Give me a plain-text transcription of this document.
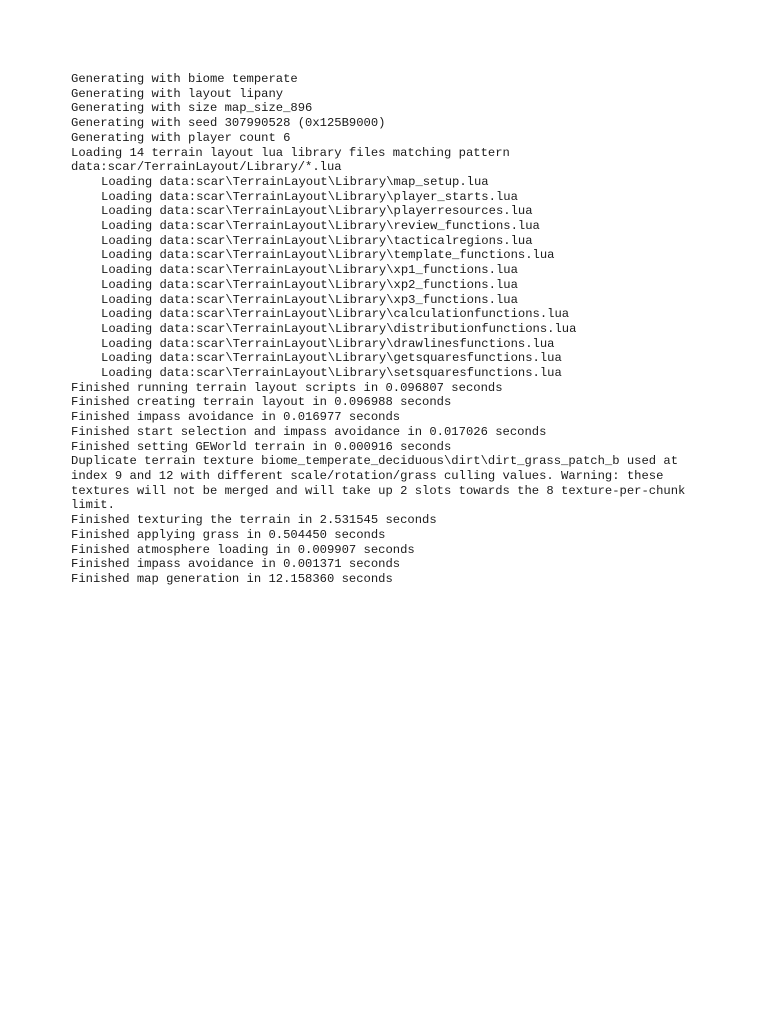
Generating with biome temperate
Generating with layout lipany
Generating with size map_size_896
Generating with seed 307990528 (0x125B9000)
Generating with player count 6
Loading 14 terrain layout lua library files matching pattern
data:scar/TerrainLayout/Library/*.lua
Loading data:scar\TerrainLayout\Library\map_setup.lua
Loading data:scar\TerrainLayout\Library\player_starts.lua
Loading data:scar\TerrainLayout\Library\playerresources.lua
Loading data:scar\TerrainLayout\Library\review_functions.lua
Loading data:scar\TerrainLayout\Library\tacticalregions.lua
Loading data:scar\TerrainLayout\Library\template_functions.lua
Loading data:scar\TerrainLayout\Library\xp1_functions.lua
Loading data:scar\TerrainLayout\Library\xp2_functions.lua
Loading data:scar\TerrainLayout\Library\xp3_functions.lua
Loading data:scar\TerrainLayout\Library\calculationfunctions.lua
Loading data:scar\TerrainLayout\Library\distributionfunctions.lua
Loading data:scar\TerrainLayout\Library\drawlinesfunctions.lua
Loading data:scar\TerrainLayout\Library\getsquaresfunctions.lua
Loading data:scar\TerrainLayout\Library\setsquaresfunctions.lua
Finished running terrain layout scripts in 0.096807 seconds
Finished creating terrain layout in 0.096988 seconds
Finished impass avoidance in 0.016977 seconds
Finished start selection and impass avoidance in 0.017026 seconds
Finished setting GEWorld terrain in 0.000916 seconds
Duplicate terrain texture biome_temperate_deciduous\dirt\dirt_grass_patch_b used at index 9 and 12 with different scale/rotation/grass culling values. Warning: these textures will not be merged and will take up 2 slots towards the 8 texture-per-chunk limit.
Finished texturing the terrain in 2.531545 seconds
Finished applying grass in 0.504450 seconds
Finished atmosphere loading in 0.009907 seconds
Finished impass avoidance in 0.001371 seconds
Finished map generation in 12.158360 seconds
